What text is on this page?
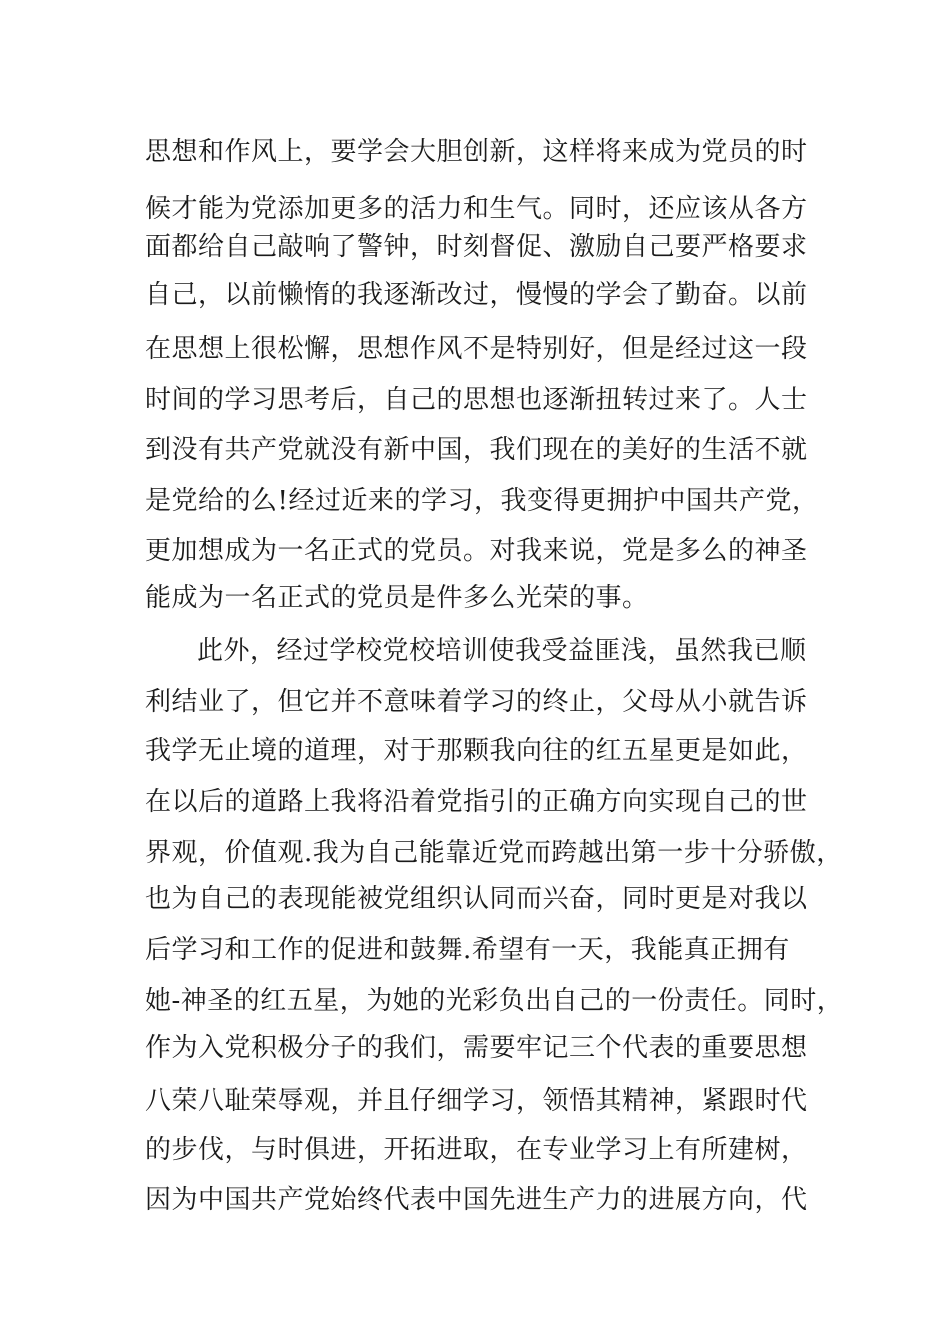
思想和作风上，要学会大胆创新，这样将来成为党员的时
候才能为党添加更多的活力和生气。同时，还应该从各方
面都给自己敲响了警钟，时刻督促、激励自己要严格要求
自己，以前懒惰的我逐渐改过，慢慢的学会了勤奋。以前
在思想上很松懈，思想作风不是特别好，但是经过这一段
时间的学习思考后，自己的思想也逐渐扭转过来了。人士
到没有共产党就没有新中国，我们现在的美好的生活不就
是党给的么!经过近来的学习，我变得更拥护中国共产党，
更加想成为一名正式的党员。对我来说，党是多么的神圣
能成为一名正式的党员是件多么光荣的事。
此外，经过学校党校培训使我受益匪浅，虽然我已顺
利结业了，但它并不意味着学习的终止，父母从小就告诉
我学无止境的道理，对于那颗我向往的红五星更是如此，
在以后的道路上我将沿着党指引的正确方向实现自己的世
界观，价值观.我为自己能靠近党而跨越出第一步十分骄傲，
也为自己的表现能被党组织认同而兴奋，同时更是对我以
后学习和工作的促进和鼓舞.希望有一天，我能真正拥有
她-神圣的红五星，为她的光彩负出自己的一份责任。同时，
作为入党积极分子的我们，需要牢记三个代表的重要思想
八荣八耻荣辱观，并且仔细学习，领悟其精神，紧跟时代
的步伐，与时俱进，开拓进取，在专业学习上有所建树，
因为中国共产党始终代表中国先进生产力的进展方向，代
